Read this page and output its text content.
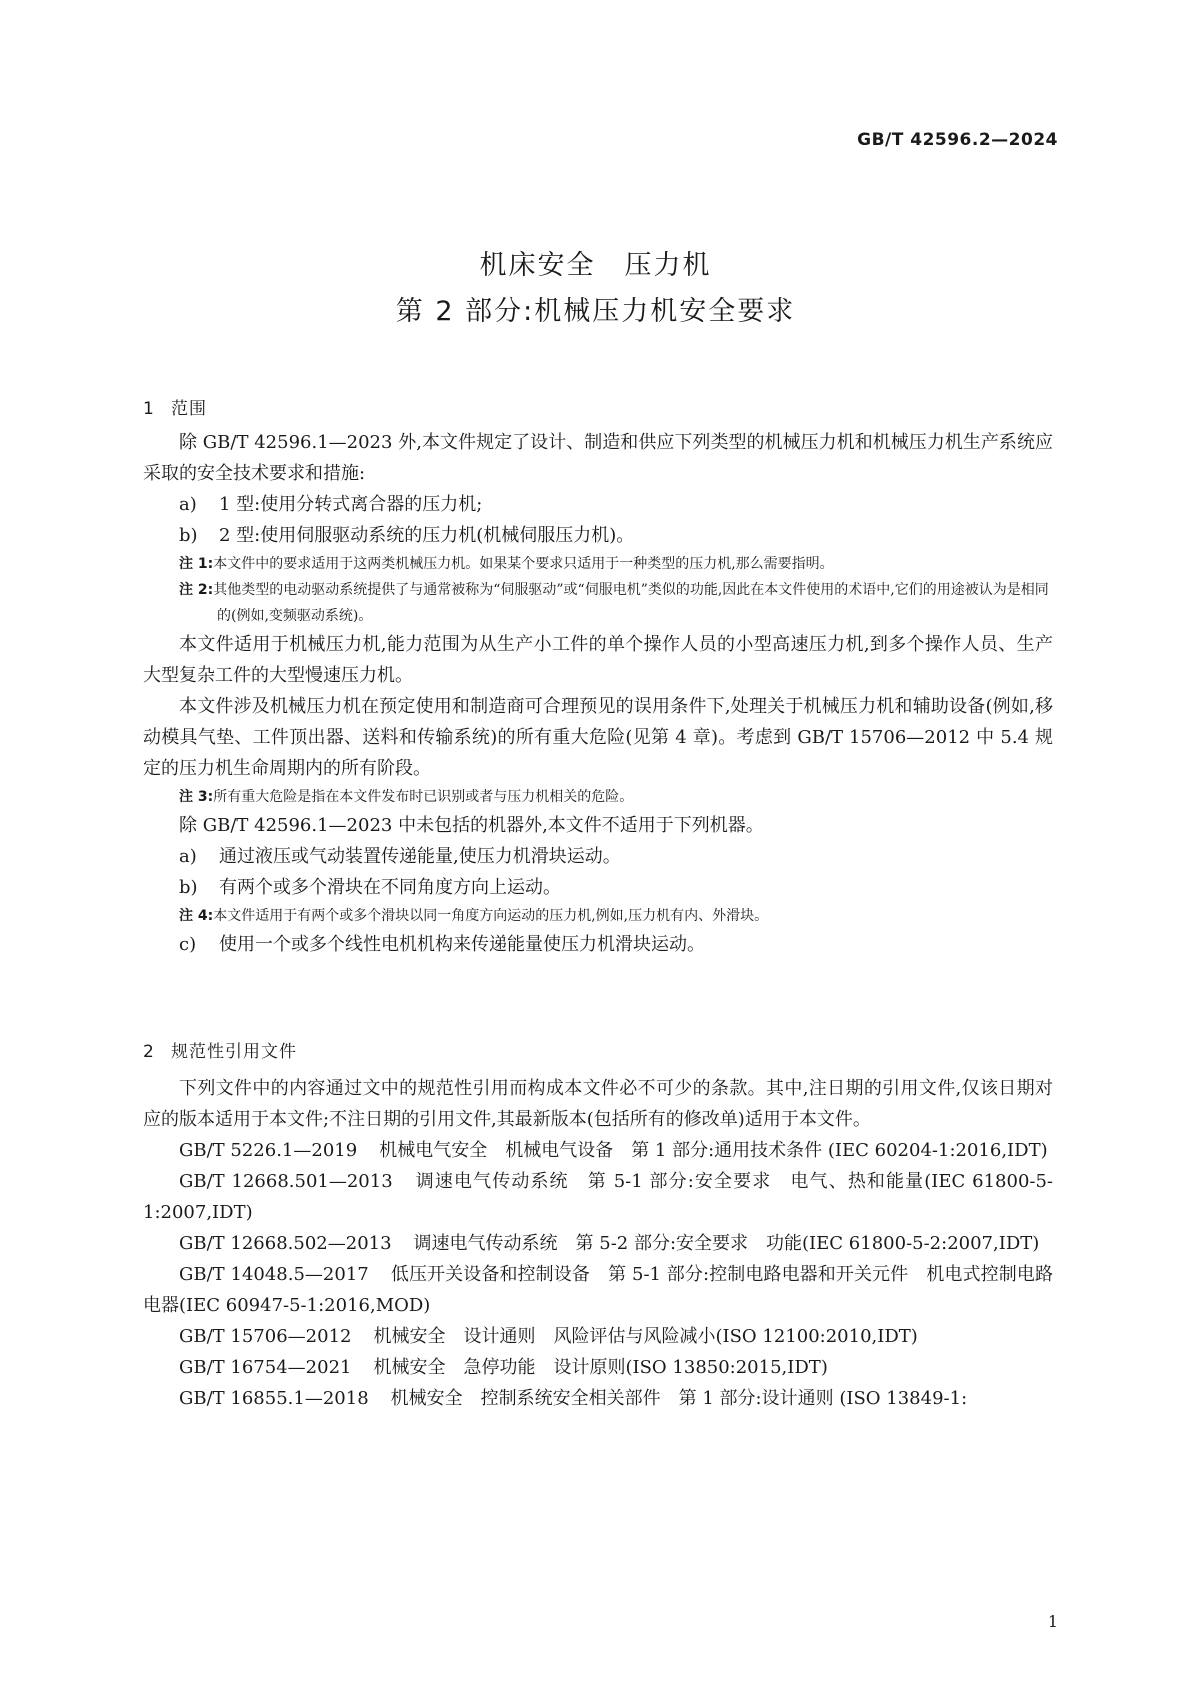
GB/T 42596.2—2024
机床安全　压力机
第 2 部分:机械压力机安全要求
1 范围

除 GB/T 42596.1—2023 外,本文件规定了设计、制造和供应下列类型的机械压力机和机械压力机生产系统应采取的安全技术要求和措施:

a) 1 型:使用分转式离合器的压力机;

b) 2 型:使用伺服驱动系统的压力机(机械伺服压力机)。

注 1:本文件中的要求适用于这两类机械压力机。如果某个要求只适用于一种类型的压力机,那么需要指明。

注 2:其他类型的电动驱动系统提供了与通常被称为“伺服驱动”或“伺服电机”类似的功能,因此在本文件使用的术语中,它们的用途被认为是相同的(例如,变频驱动系统)。

本文件适用于机械压力机,能力范围为从生产小工件的单个操作人员的小型高速压力机,到多个操作人员、生产大型复杂工件的大型慢速压力机。

本文件涉及机械压力机在预定使用和制造商可合理预见的误用条件下,处理关于机械压力机和辅助设备(例如,移动模具气垫、工件顶出器、送料和传输系统)的所有重大危险(见第 4 章)。考虑到 GB/T 15706—2012 中 5.4 规定的压力机生命周期内的所有阶段。

注 3:所有重大危险是指在本文件发布时已识别或者与压力机相关的危险。

除 GB/T 42596.1—2023 中未包括的机器外,本文件不适用于下列机器。

a) 通过液压或气动装置传递能量,使压力机滑块运动。

b) 有两个或多个滑块在不同角度方向上运动。

注 4:本文件适用于有两个或多个滑块以同一角度方向运动的压力机,例如,压力机有内、外滑块。

c) 使用一个或多个线性电机机构来传递能量使压力机滑块运动。

2 规范性引用文件

下列文件中的内容通过文中的规范性引用而构成本文件必不可少的条款。其中,注日期的引用文件,仅该日期对应的版本适用于本文件;不注日期的引用文件,其最新版本(包括所有的修改单)适用于本文件。

GB/T 5226.1—2019 机械电气安全　机械电气设备　第 1 部分:通用技术条件 (IEC 60204-1:2016,IDT)

GB/T 12668.501—2013 调速电气传动系统　第 5-1 部分:安全要求　电气、热和能量(IEC 61800-5-1:2007,IDT)

GB/T 12668.502—2013 调速电气传动系统　第 5-2 部分:安全要求　功能(IEC 61800-5-2:2007,IDT)

GB/T 14048.5—2017 低压开关设备和控制设备　第 5-1 部分:控制电路电器和开关元件　机电式控制电路电器(IEC 60947-5-1:2016,MOD)

GB/T 15706—2012 机械安全　设计通则　风险评估与风险减小(ISO 12100:2010,IDT)

GB/T 16754—2021 机械安全　急停功能　设计原则(ISO 13850:2015,IDT)

GB/T 16855.1—2018 机械安全　控制系统安全相关部件　第 1 部分:设计通则 (ISO 13849-1:

1
